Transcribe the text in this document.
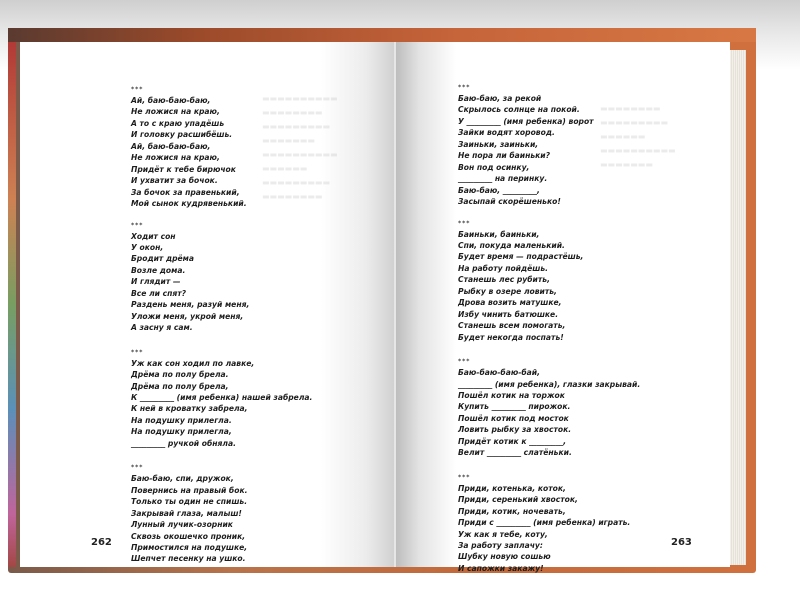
▬▬▬▬▬▬▬▬▬▬
▬▬▬▬▬▬▬▬
▬▬▬▬▬▬▬▬▬
▬▬▬▬▬▬▬
▬▬▬▬▬▬▬▬▬▬
▬▬▬▬▬▬
▬▬▬▬▬▬▬▬▬
▬▬▬▬▬▬▬▬
▬▬▬▬▬▬▬▬
▬▬▬▬▬▬▬▬▬
▬▬▬▬▬▬
▬▬▬▬▬▬▬▬▬▬
▬▬▬▬▬▬▬
***
Ай, баю-баю-баю,
Не ложися на краю,
А то с краю упадёшь
И головку расшибёшь.
Ай, баю-баю-баю,
Не ложися на краю,
Придёт к тебе бирючок
И ухватит за бочок.
За бочок за правенький,
Мой сынок кудрявенький.
***
Ходит сон
У окон,
Бродит дрёма
Возле дома.
И глядит —
Все ли спят?
Раздень меня, разуй меня,
Уложи меня, укрой меня,
А засну я сам.
***
Уж как сон ходил по лавке,
Дрёма по полу брела.
Дрёма по полу брела,
К _________ (имя ребенка) нашей забрела.
К ней в кроватку забрела,
На подушку прилегла.
На подушку прилегла,
_________ ручкой обняла.
***
Баю-баю, спи, дружок,
Повернись на правый бок.
Только ты один не спишь.
Закрывай глаза, малыш!
Лунный лучик-озорник
Сквозь окошечко проник,
Примостился на подушке,
Шепчет песенку на ушко.
***
Баю-баю, за рекой
Скрылось солнце на покой.
У _________ (имя ребенка) ворот
Зайки водят хоровод.
Заиньки, заиньки,
Не пора ли баиньки?
Вон под осинку,
_________ на перинку.
Баю-баю, _________,
Засыпай скорёшенько!
***
Баиньки, баиньки,
Спи, покуда маленький.
Будет время — подрастёшь,
На работу пойдёшь.
Станешь лес рубить,
Рыбку в озере ловить,
Дрова возить матушке,
Избу чинить батюшке.
Станешь всем помогать,
Будет некогда поспать!
***
Баю-баю-баю-бай,
_________ (имя ребенка), глазки закрывай.
Пошёл котик на торжок
Купить _________ пирожок.
Пошёл котик под мосток
Ловить рыбку за хвосток.
Придёт котик к _________,
Велит _________ слатёньки.
***
Приди, котенька, коток,
Приди, серенький хвосток,
Приди, котик, ночевать,
Приди с _________ (имя ребенка) играть.
Уж как я тебе, коту,
За работу заплачу:
Шубку новую сошью
И сапожки закажу!
262	263
